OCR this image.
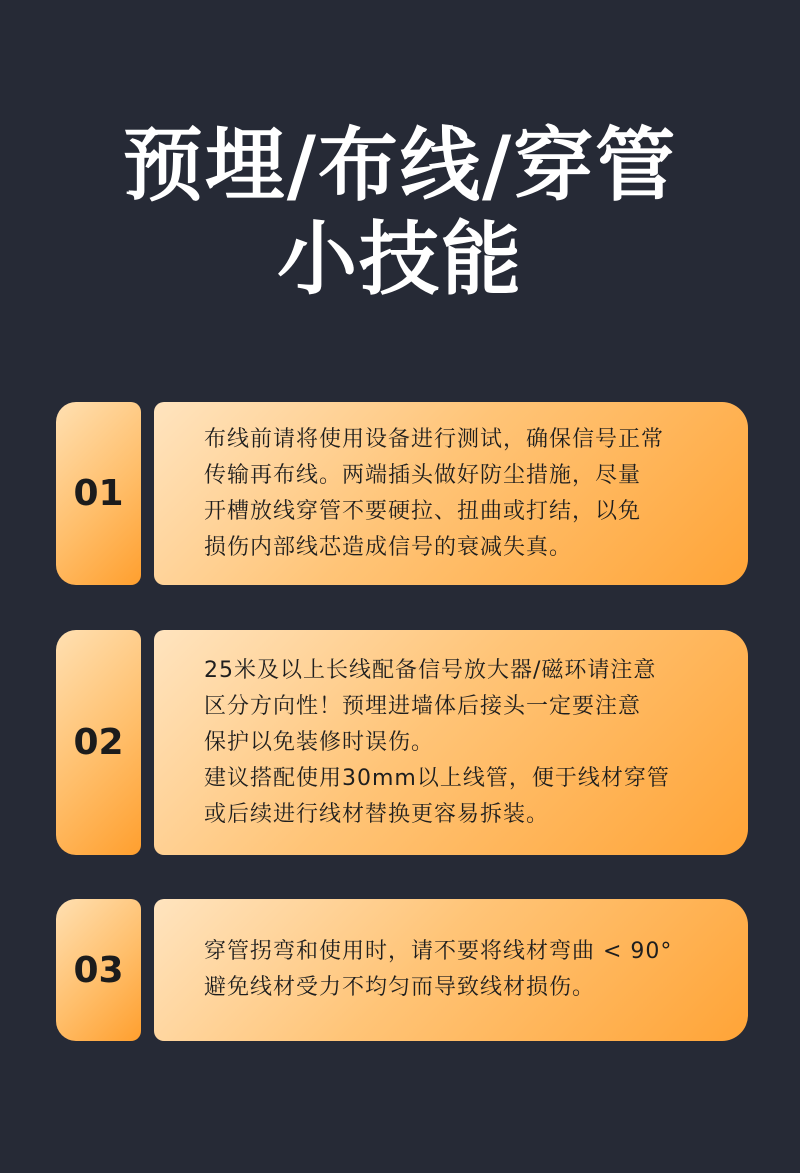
预埋/布线/穿管
小技能
01

布线前请将使用设备进行测试，确保信号正常

传输再布线。两端插头做好防尘措施，尽量

开槽放线穿管不要硬拉、扭曲或打结，以免

损伤内部线芯造成信号的衰减失真。

02

25米及以上长线配备信号放大器/磁环请注意

区分方向性！预埋进墙体后接头一定要注意

保护以免装修时误伤。

建议搭配使用30mm以上线管，便于线材穿管

或后续进行线材替换更容易拆装。

03	穿管拐弯和使用时，请不要将线材弯曲 < 90°

避免线材受力不均匀而导致线材损伤。
